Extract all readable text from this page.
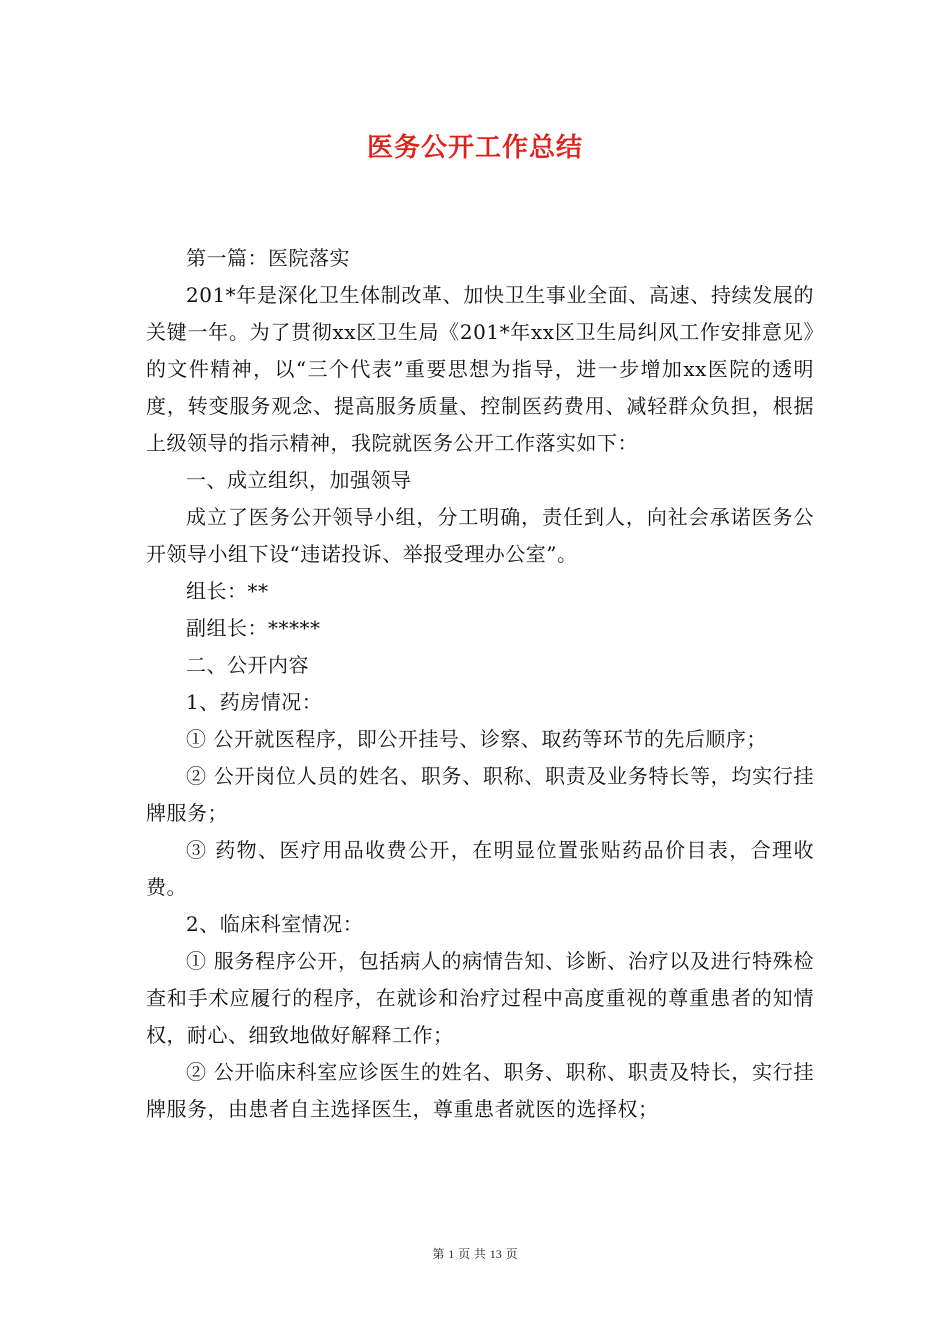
医务公开工作总结

第一篇：医院落实

201*年是深化卫生体制改革、加快卫生事业全面、高速、持续发展的关键一年。为了贯彻xx区卫生局《201*年xx区卫生局纠风工作安排意见》的文件精神，以“三个代表”重要思想为指导，进一步增加xx医院的透明度，转变服务观念、提高服务质量、控制医药费用、减轻群众负担，根据上级领导的指示精神，我院就医务公开工作落实如下：

一、成立组织，加强领导

成立了医务公开领导小组，分工明确，责任到人，向社会承诺医务公开领导小组下设“违诺投诉、举报受理办公室”。

组长：**

副组长：*****

二、公开内容

1、药房情况：

① 公开就医程序，即公开挂号、诊察、取药等环节的先后顺序；

② 公开岗位人员的姓名、职务、职称、职责及业务特长等，均实行挂牌服务；

③ 药物、医疗用品收费公开，在明显位置张贴药品价目表，合理收费。

2、临床科室情况：

① 服务程序公开，包括病人的病情告知、诊断、治疗以及进行特殊检查和手术应履行的程序，在就诊和治疗过程中高度重视的尊重患者的知情权，耐心、细致地做好解释工作；

② 公开临床科室应诊医生的姓名、职务、职称、职责及特长，实行挂牌服务，由患者自主选择医生，尊重患者就医的选择权；

第 1 页 共 13 页
